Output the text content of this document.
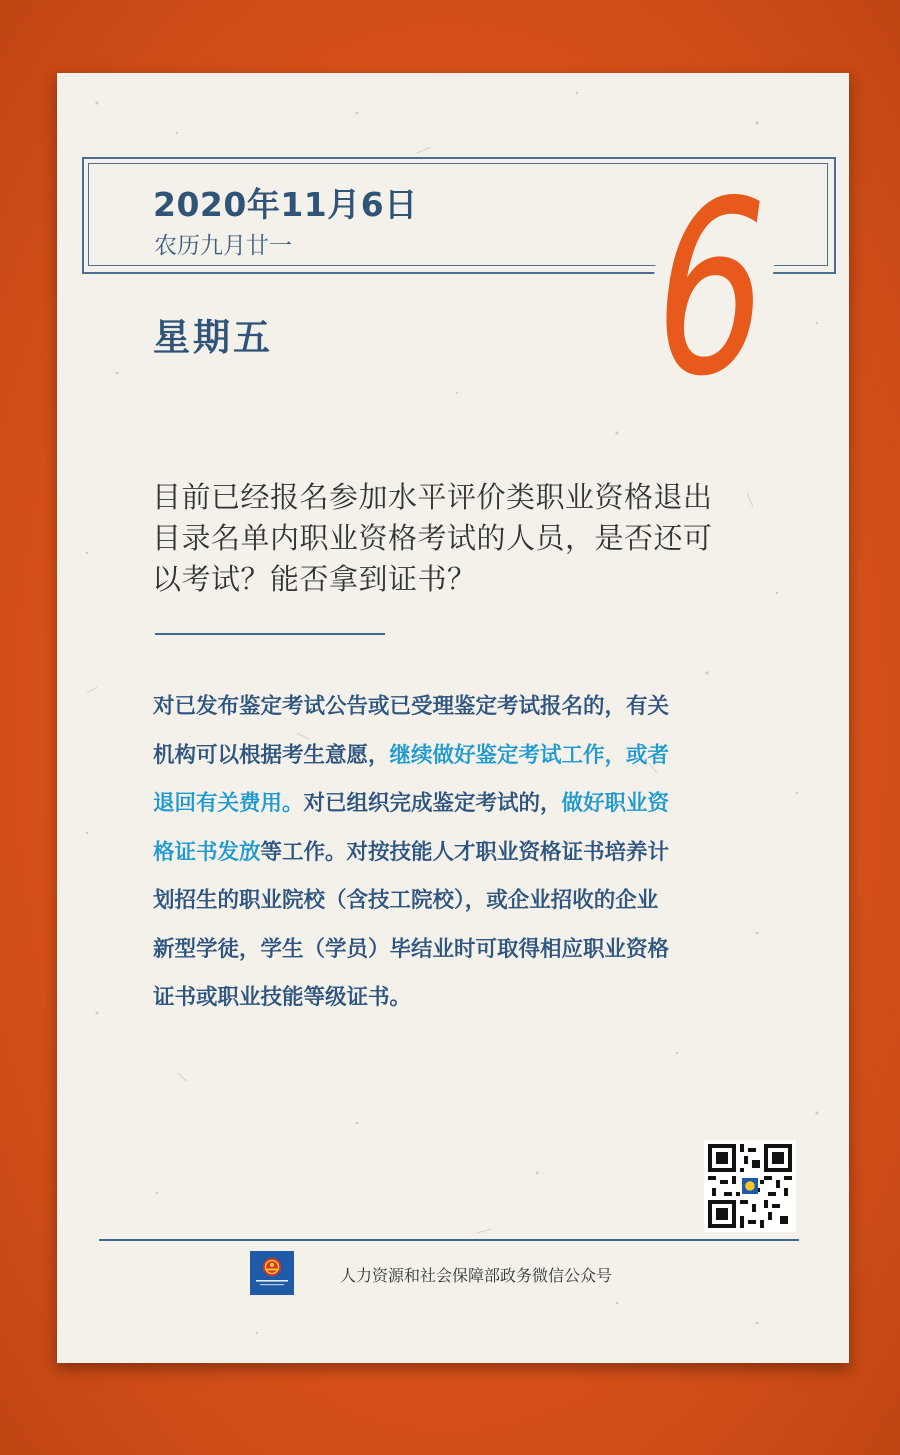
2020年11月6日
农历九月廿一
星期五 6
目前已经报名参加水平评价类职业资格退出目录名单内职业资格考试的人员，是否还可以考试？能否拿到证书？
对已发布鉴定考试公告或已受理鉴定考试报名的，有关机构可以根据考生意愿，继续做好鉴定考试工作，或者退回有关费用。对已组织完成鉴定考试的，做好职业资格证书发放等工作。对按技能人才职业资格证书培养计划招生的职业院校（含技工院校），或企业招收的企业新型学徒，学生（学员）毕结业时可取得相应职业资格证书或职业技能等级证书。
人力资源和社会保障部政务微信公众号
